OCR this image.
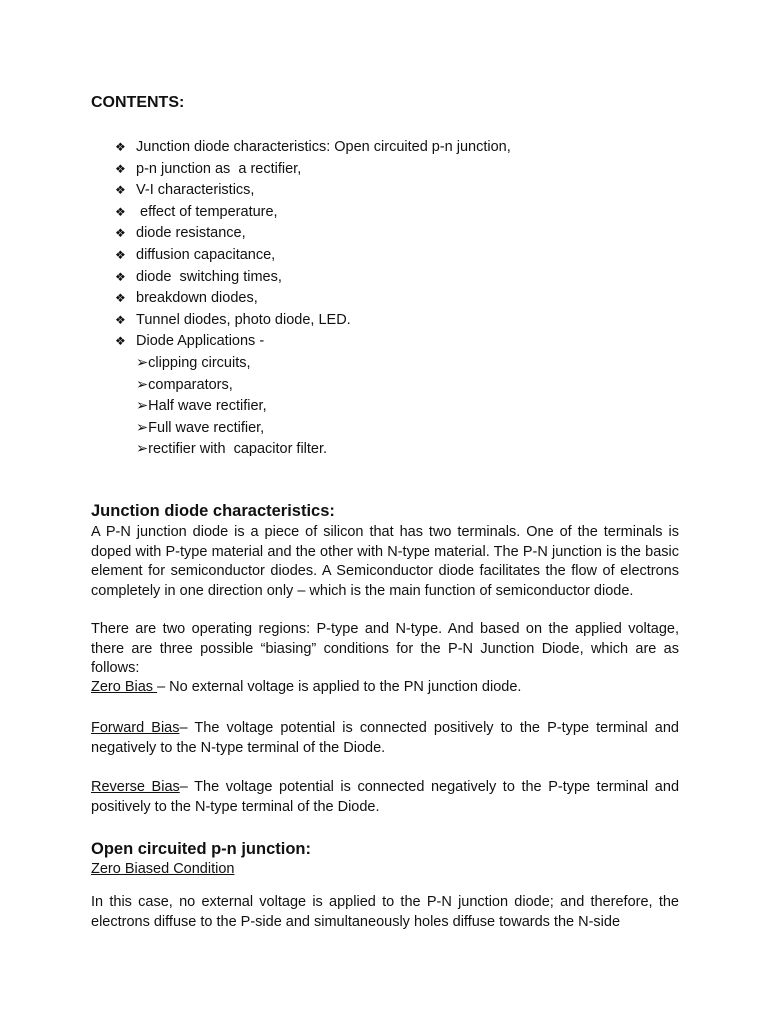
CONTENTS:

❖ Junction diode characteristics: Open circuited p-n junction,
❖ p-n junction as  a rectifier,
❖ V-I characteristics,
❖ effect of temperature,
❖ diode resistance,
❖ diffusion capacitance,
❖ diode  switching times,
❖ breakdown diodes,
❖ Tunnel diodes, photo diode, LED.
❖ Diode Applications -
➢clipping circuits,
➢comparators,
➢Half wave rectifier,
➢Full wave rectifier,
➢rectifier with  capacitor filter.
Junction diode characteristics:

A P-N junction diode is a piece of silicon that has two terminals. One of the terminals is doped with P-type material and the other with N-type material. The P-N junction is the basic element for semiconductor diodes. A Semiconductor diode facilitates the flow of electrons completely in one direction only – which is the main function of semiconductor diode.

There are two operating regions: P-type and N-type. And based on the applied voltage, there are three possible “biasing” conditions for the P-N Junction Diode, which are as follows:

Zero Bias – No external voltage is applied to the PN junction diode.

Forward Bias– The voltage potential is connected positively to the P-type terminal and negatively to the N-type terminal of the Diode.

Reverse Bias– The voltage potential is connected negatively to the P-type terminal and positively to the N-type terminal of the Diode.

Open circuited p-n junction:

Zero Biased Condition

In this case, no external voltage is applied to the P-N junction diode; and therefore, the electrons diffuse to the P-side and simultaneously holes diffuse towards the N-side
